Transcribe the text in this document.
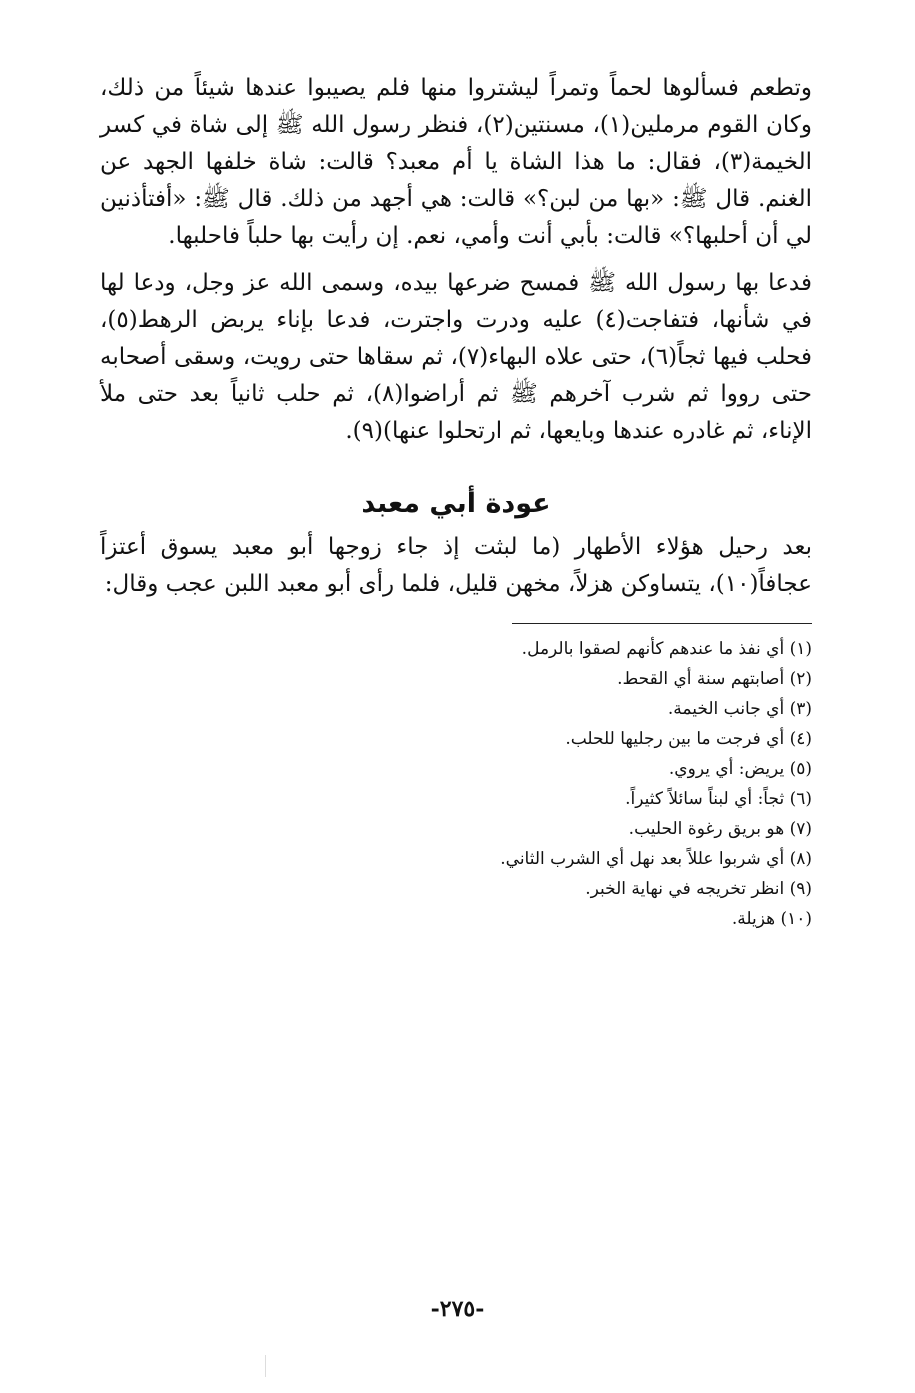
وتطعم فسألوها لحماً وتمراً ليشتروا منها فلم يصيبوا عندها شيئاً من ذلك، وكان القوم مرملين(١)، مسنتين(٢)، فنظر رسول الله ﷺ إلى شاة في كسر الخيمة(٣)، فقال: ما هذا الشاة يا أم معبد؟ قالت: شاة خلفها الجهد عن الغنم. قال ﷺ: «بها من لبن؟» قالت: هي أجهد من ذلك. قال ﷺ: «أفتأذنين لي أن أحلبها؟» قالت: بأبي أنت وأمي، نعم. إن رأيت بها حلباً فاحلبها.

فدعا بها رسول الله ﷺ فمسح ضرعها بيده، وسمى الله عز وجل، ودعا لها في شأنها، فتفاجت(٤) عليه ودرت واجترت، فدعا بإناء يربض الرهط(٥)، فحلب فيها ثجاً(٦)، حتى علاه البهاء(٧)، ثم سقاها حتى رويت، وسقى أصحابه حتى رووا ثم شرب آخرهم ﷺ ثم أراضوا(٨)، ثم حلب ثانياً بعد حتى ملأ الإناء، ثم غادره عندها وبايعها، ثم ارتحلوا عنها)(٩).

عودة أبي معبد

بعد رحيل هؤلاء الأطهار (ما لبثت إذ جاء زوجها أبو معبد يسوق أعتزاً عجافاً(١٠)، يتساوكن هزلاً، مخهن قليل، فلما رأى أبو معبد اللبن عجب وقال:

(١) أي نفذ ما عندهم كأنهم لصقوا بالرمل.
(٢) أصابتهم سنة أي القحط.
(٣) أي جانب الخيمة.
(٤) أي فرجت ما بين رجليها للحلب.
(٥) يريض: أي يروي.
(٦) ثجاً: أي لبناً سائلاً كثيراً.
(٧) هو بريق رغوة الحليب.
(٨) أي شربوا عللاً بعد نهل أي الشرب الثاني.
(٩) انظر تخريجه في نهاية الخبر.
(١٠) هزيلة.
-٢٧٥-
